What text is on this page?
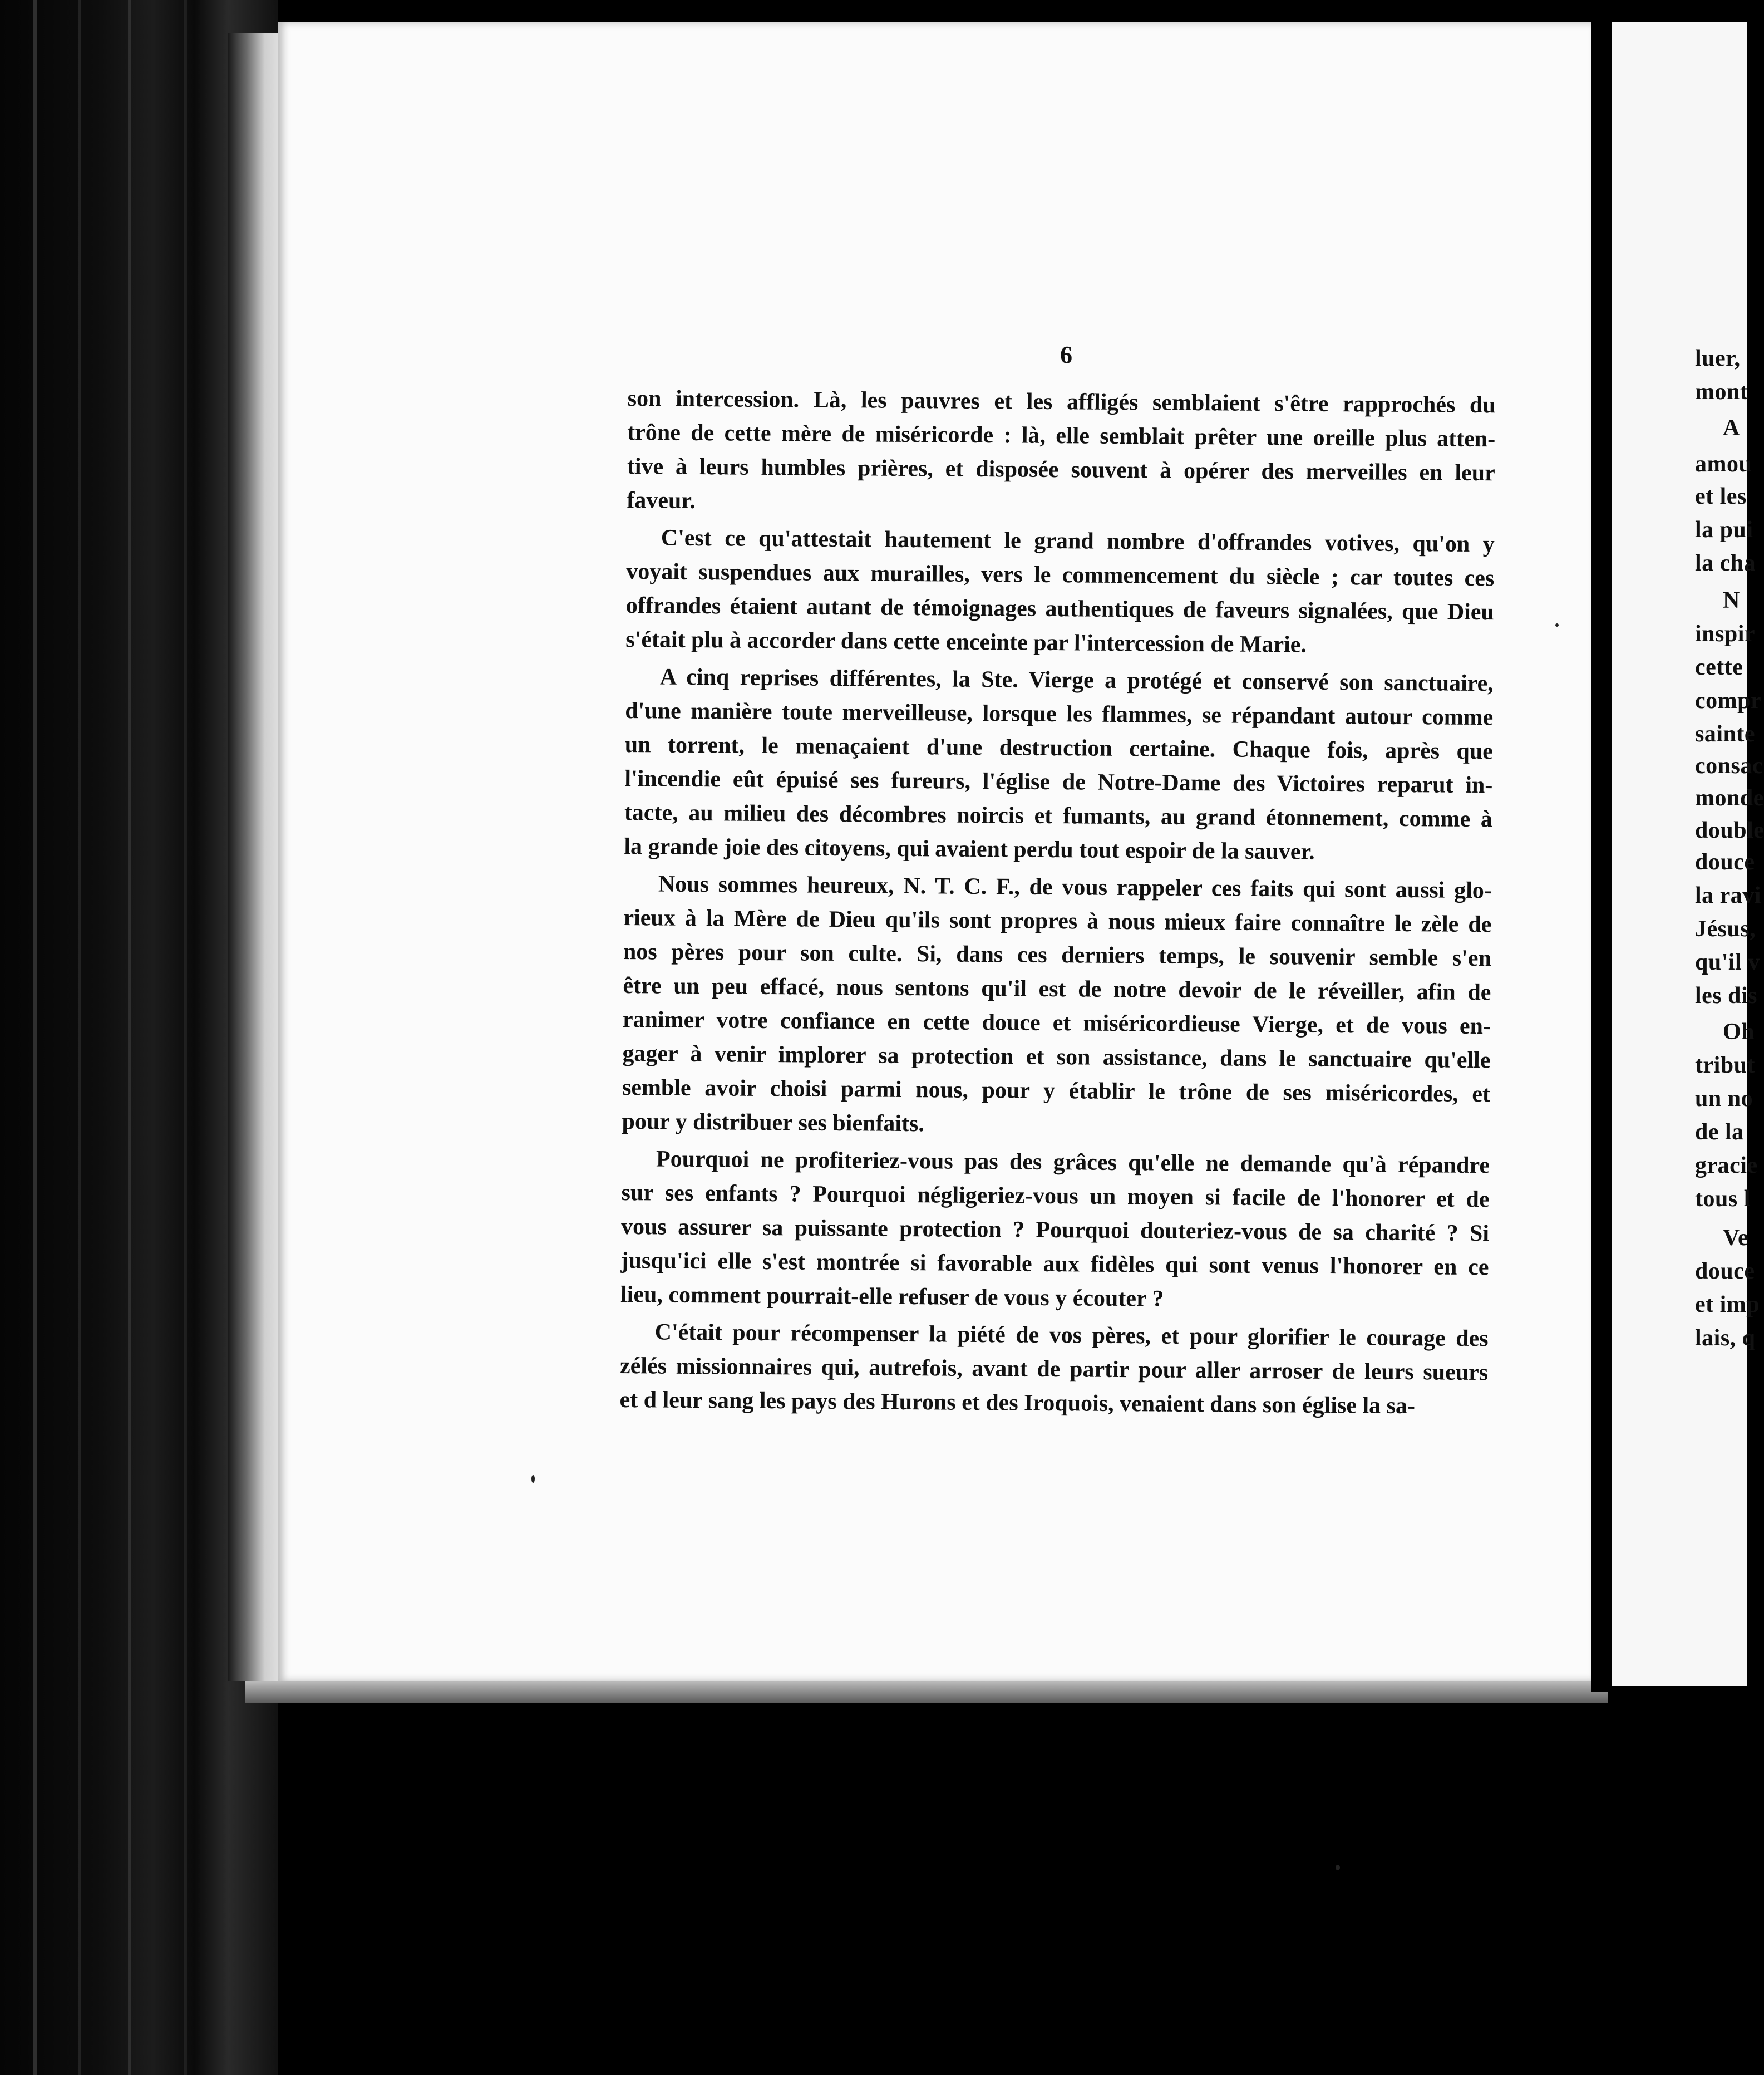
6
son intercession. Là, les pauvres et les affligés semblaient s'être rapprochés du
trône de cette mère de miséricorde : là, elle semblait prêter une oreille plus atten-
tive à leurs humbles prières, et disposée souvent à opérer des merveilles en leur
faveur.
C'est ce qu'attestait hautement le grand nombre d'offrandes votives, qu'on y
voyait suspendues aux murailles, vers le commencement du siècle ; car toutes ces
offrandes étaient autant de témoignages authentiques de faveurs signalées, que Dieu
s'était plu à accorder dans cette enceinte par l'intercession de Marie.
A cinq reprises différentes, la Ste. Vierge a protégé et conservé son sanctuaire,
d'une manière toute merveilleuse, lorsque les flammes, se répandant autour comme
un torrent, le menaçaient d'une destruction certaine. Chaque fois, après que
l'incendie eût épuisé ses fureurs, l'église de Notre-Dame des Victoires reparut in-
tacte, au milieu des décombres noircis et fumants, au grand étonnement, comme à
la grande joie des citoyens, qui avaient perdu tout espoir de la sauver.
Nous sommes heureux, N. T. C. F., de vous rappeler ces faits qui sont aussi glo-
rieux à la Mère de Dieu qu'ils sont propres à nous mieux faire connaître le zèle de
nos pères pour son culte. Si, dans ces derniers temps, le souvenir semble s'en
être un peu effacé, nous sentons qu'il est de notre devoir de le réveiller, afin de
ranimer votre confiance en cette douce et miséricordieuse Vierge, et de vous en-
gager à venir implorer sa protection et son assistance, dans le sanctuaire qu'elle
semble avoir choisi parmi nous, pour y établir le trône de ses miséricordes, et
pour y distribuer ses bienfaits.
Pourquoi ne profiteriez-vous pas des grâces qu'elle ne demande qu'à répandre
sur ses enfants ? Pourquoi négligeriez-vous un moyen si facile de l'honorer et de
vous assurer sa puissante protection ? Pourquoi douteriez-vous de sa charité ? Si
jusqu'ici elle s'est montrée si favorable aux fidèles qui sont venus l'honorer en ce
lieu, comment pourrait-elle refuser de vous y écouter ?
C'était pour récompenser la piété de vos pères, et pour glorifier le courage des
zélés missionnaires qui, autrefois, avant de partir pour aller arroser de leurs sueurs
et d leur sang les pays des Hurons et des Iroquois, venaient dans son église la sa-
luer,
mont
A
amou
et les
la pui
la cha
N
inspir
cette
compr
sainte
consac
monde
double
douce
la ravi
Jésus,
qu'il v
les dis
Oh
tribut
un no
de la
gracie
tous l
Ve
douce
et imp
lais, q
